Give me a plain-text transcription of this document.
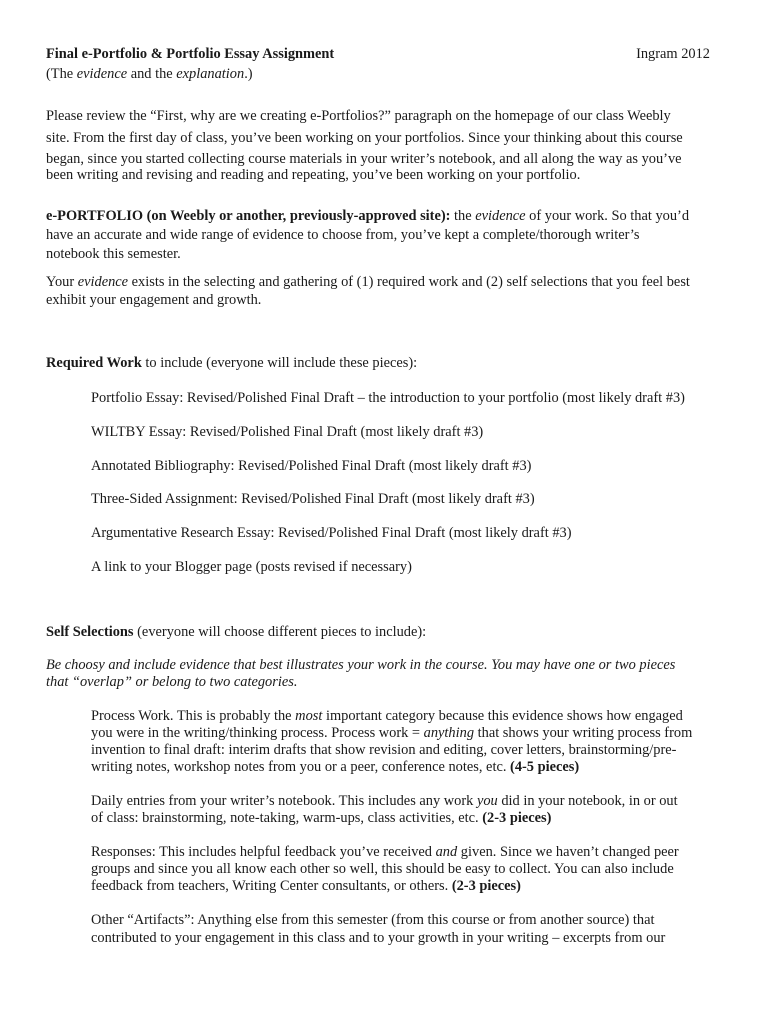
Final e-Portfolio & Portfolio Essay Assignment	Ingram 2012
(The evidence and the explanation.)
Please review the “First, why are we creating e-Portfolios?” paragraph on the homepage of our class Weebly
site. From the first day of class, you’ve been working on your portfolios. Since your thinking about this course
began, since you started collecting course materials in your writer’s notebook, and all along the way as you’ve
been writing and revising and reading and repeating, you’ve been working on your portfolio.
e-PORTFOLIO (on Weebly or another, previously-approved site): the evidence of your work. So that you’d
have an accurate and wide range of evidence to choose from, you’ve kept a complete/thorough writer’s
notebook this semester.
Your evidence exists in the selecting and gathering of (1) required work and (2) self selections that you feel best
exhibit your engagement and growth.
Required Work to include (everyone will include these pieces):
Portfolio Essay: Revised/Polished Final Draft – the introduction to your portfolio (most likely draft #3)
WILTBY Essay: Revised/Polished Final Draft (most likely draft #3)
Annotated Bibliography: Revised/Polished Final Draft (most likely draft #3)
Three-Sided Assignment: Revised/Polished Final Draft (most likely draft #3)
Argumentative Research Essay: Revised/Polished Final Draft (most likely draft #3)
A link to your Blogger page (posts revised if necessary)
Self Selections (everyone will choose different pieces to include):
Be choosy and include evidence that best illustrates your work in the course. You may have one or two pieces
that “overlap” or belong to two categories.
Process Work. This is probably the most important category because this evidence shows how engaged
you were in the writing/thinking process. Process work = anything that shows your writing process from
invention to final draft: interim drafts that show revision and editing, cover letters, brainstorming/pre-
writing notes, workshop notes from you or a peer, conference notes, etc. (4-5 pieces)
Daily entries from your writer’s notebook. This includes any work you did in your notebook, in or out
of class: brainstorming, note-taking, warm-ups, class activities, etc. (2-3 pieces)
Responses: This includes helpful feedback you’ve received and given. Since we haven’t changed peer
groups and since you all know each other so well, this should be easy to collect. You can also include
feedback from teachers, Writing Center consultants, or others. (2-3 pieces)
Other “Artifacts”: Anything else from this semester (from this course or from another source) that
contributed to your engagement in this class and to your growth in your writing – excerpts from our
